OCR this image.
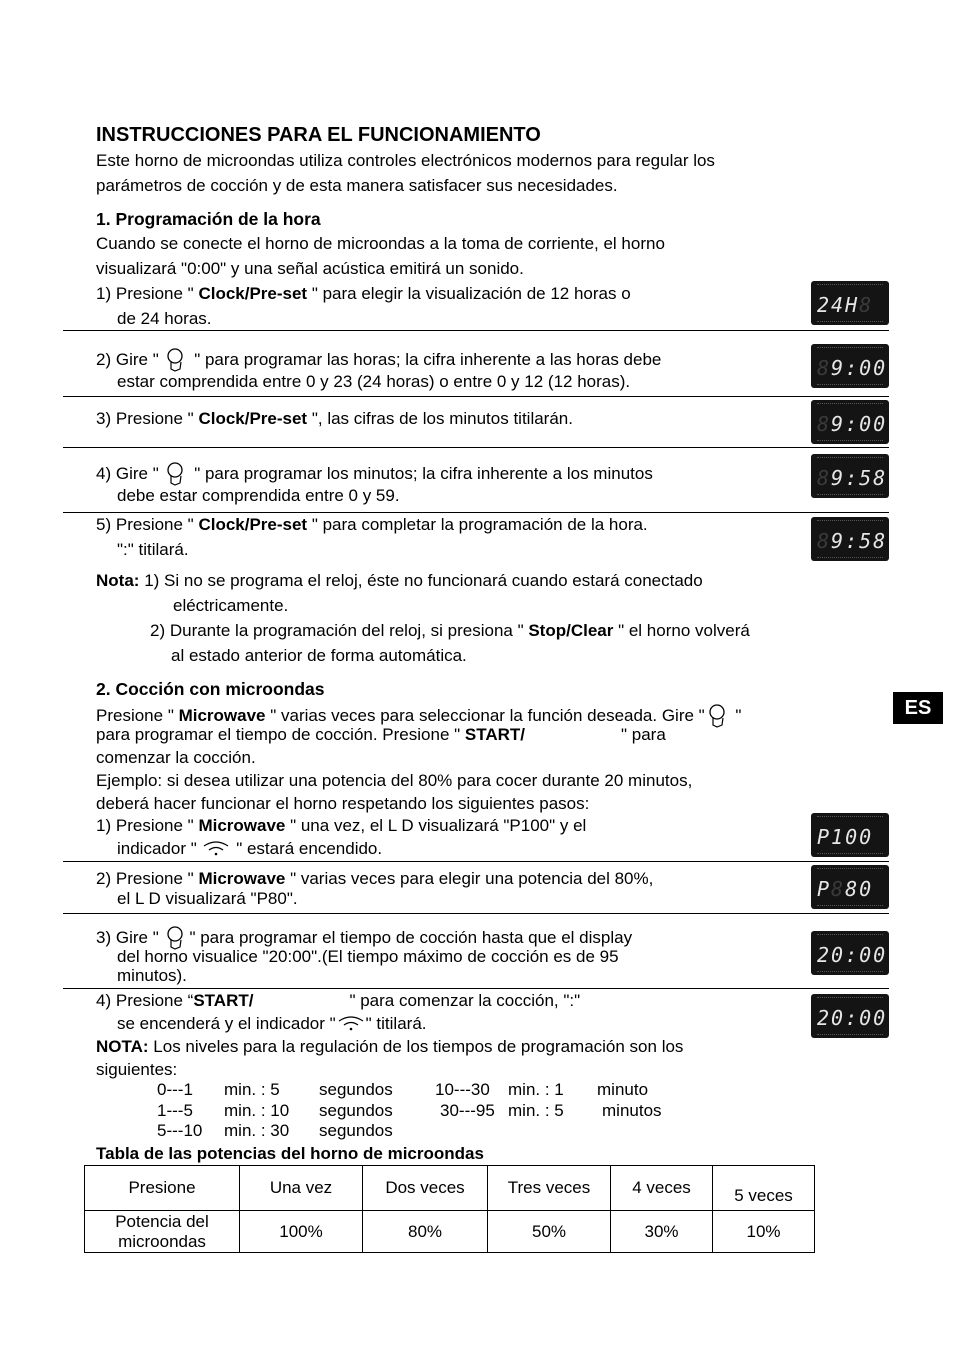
INSTRUCCIONES PARA EL FUNCIONAMIENTO
Este horno de microondas utiliza controles electrónicos modernos para regular los
parámetros de cocción y de esta manera satisfacer sus necesidades.
1. Programación de la hora
Cuando se conecte el horno de microondas a la toma de corriente, el horno
visualizará "0:00" y una señal acústica emitirá un sonido.
1) Presione " Clock/Pre-set " para elegir la visualización de 12 horas o
de 24 horas.
2) Gire "  " para programar las horas; la cifra inherente a las horas debe
estar comprendida entre 0 y 23 (24 horas) o entre 0 y 12 (12 horas).
3) Presione " Clock/Pre-set ", las cifras de los minutos titilarán.
4) Gire "  " para programar los minutos; la cifra inherente a los minutos
debe estar comprendida entre 0 y 59.
5) Presione " Clock/Pre-set " para completar la programación de la hora.
":" titilará.
Nota: 1) Si no se programa el reloj, éste no funcionará cuando estará conectado
eléctricamente.
2) Durante la programación del reloj, si presiona " Stop/Clear " el horno volverá
al estado anterior de forma automática.
2. Cocción con microondas
Presione " Microwave " varias veces para seleccionar la función deseada. Gire " "
para programar el tiempo de cocción. Presione " START/	" para
comenzar la cocción.
Ejemplo: si desea utilizar una potencia del 80% para cocer durante 20 minutos,
deberá hacer funcionar el horno respetando los siguientes pasos:
1) Presione " Microwave " una vez, el L D visualizará "P100" y el
indicador "  " estará encendido.
2) Presione " Microwave " varias veces para elegir una potencia del 80%,
el L D visualizará "P80".
3) Gire " " para programar el tiempo de cocción hasta que el display
del horno visualice "20:00".(El tiempo máximo de cocción es de 95
minutos).
4) Presione “START/	" para comenzar la cocción, ":"
se encenderá y el indicador " " titilará.
NOTA: Los niveles para la regulación de los tiempos de programación son los
siguientes:
0---1 min. : 5 segundos 10---30 min. : 1 minuto
1---5 min. : 10 segundos	30---95 min. : 5 minutos
5---10 min. : 30 segundos
Tabla de las potencias del horno de microondas
Presione	Una vez	Dos veces	Tres veces	4 veces	5 veces
Potencia del
microondas	100%	80%	50%	30%	10%
24H8
89:00
89:00
89:58
89:58
P100
P880
20:00
20:00
ES
